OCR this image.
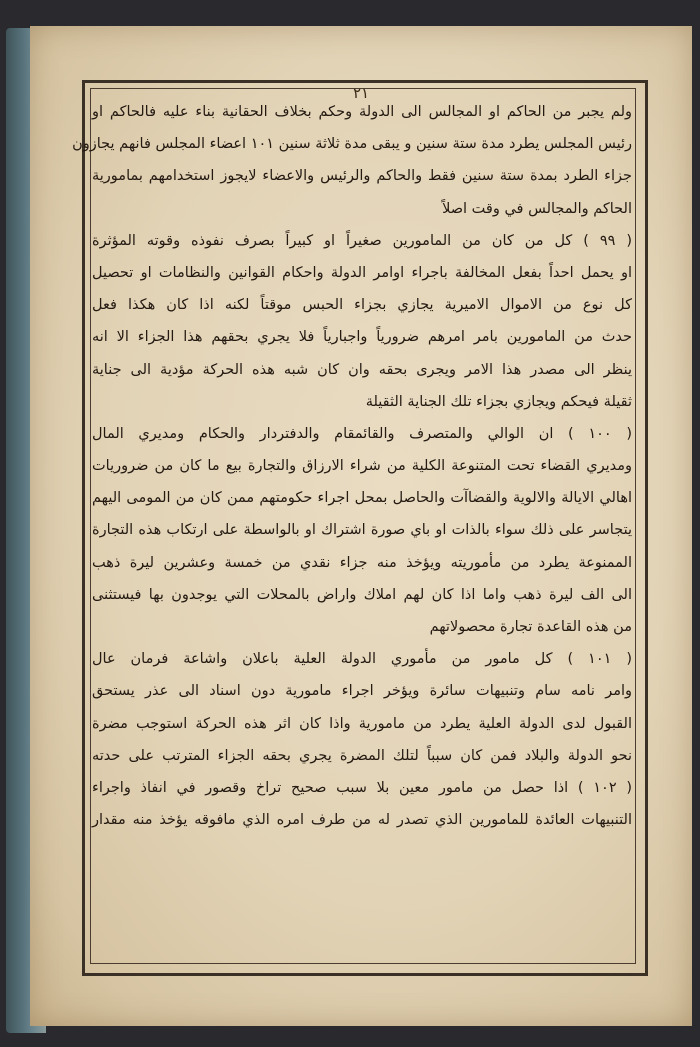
٢١
ولم يجبر من الحاكم او المجالس الى الدولة وحكم بخلاف الحقانية بناء عليه فالحاكم او
رئيس المجلس يطرد مدة ستة سنين و يبقى مدة ثلاثة سنين ١٠١ اعضاء المجلس فانهم يجازون
جزاء الطرد بمدة ستة سنين فقط والحاكم والرئيس والاعضاء لايجوز استخدامهم بمامورية
الحاكم والمجالس في وقت اصلاً
( ٩٩ ) كل من كان من المامورين صغيراً او كبيراً بصرف نفوذه وقوته المؤثرة
او يحمل احداً بفعل المخالفة باجراء اوامر الدولة واحكام القوانين والنظامات او تحصيل
كل نوع من الاموال الاميرية يجازي بجزاء الحبس موقتاً لكنه اذا كان هكذا فعل
حدث من المامورين بامر امرهم ضرورياً واجبارياً فلا يجري بحقهم هذا الجزاء الا انه
ينظر الى مصدر هذا الامر ويجرى بحقه وان كان شبه هذه الحركة مؤدية الى جناية
ثقيلة فيحكم ويجازي بجزاء تلك الجناية الثقيلة
( ١٠٠ ) ان الوالي والمتصرف والقائمقام والدفتردار والحكام ومديري المال
ومديري القضاء تحت المتنوعة الكلية من شراء الارزاق والتجارة بيع ما كان من ضروريات
اهالي الايالة والالوية والقضاآت والحاصل بمحل اجراء حكومتهم ممن كان من المومى اليهم
يتجاسر على ذلك سواء بالذات او باي صورة اشتراك او بالواسطة على ارتكاب هذه التجارة
الممنوعة يطرد من مأموريته ويؤخذ منه جزاء نقدي من خمسة وعشرين ليرة ذهب
الى الف ليرة ذهب واما اذا كان لهم املاك واراض بالمحلات التي يوجدون بها فيستثنى
من هذه القاعدة تجارة محصولاتهم
( ١٠١ ) كل مامور من مأموري الدولة العلية باعلان واشاعة فرمان عال
وامر نامه سام وتنبيهات سائرة ويؤخر اجراء مامورية دون اسناد الى عذر يستحق
القبول لدى الدولة العلية يطرد من مامورية واذا كان اثر هذه الحركة استوجب مضرة
نحو الدولة والبلاد فمن كان سبباً لتلك المضرة يجري بحقه الجزاء المترتب على حدته
( ١٠٢ ) اذا حصل من مامور معين بلا سبب صحيح تراخ وقصور في انفاذ واجراء
التنبيهات العائدة للمامورين الذي تصدر له من طرف امره الذي مافوقه يؤخذ منه مقدار
